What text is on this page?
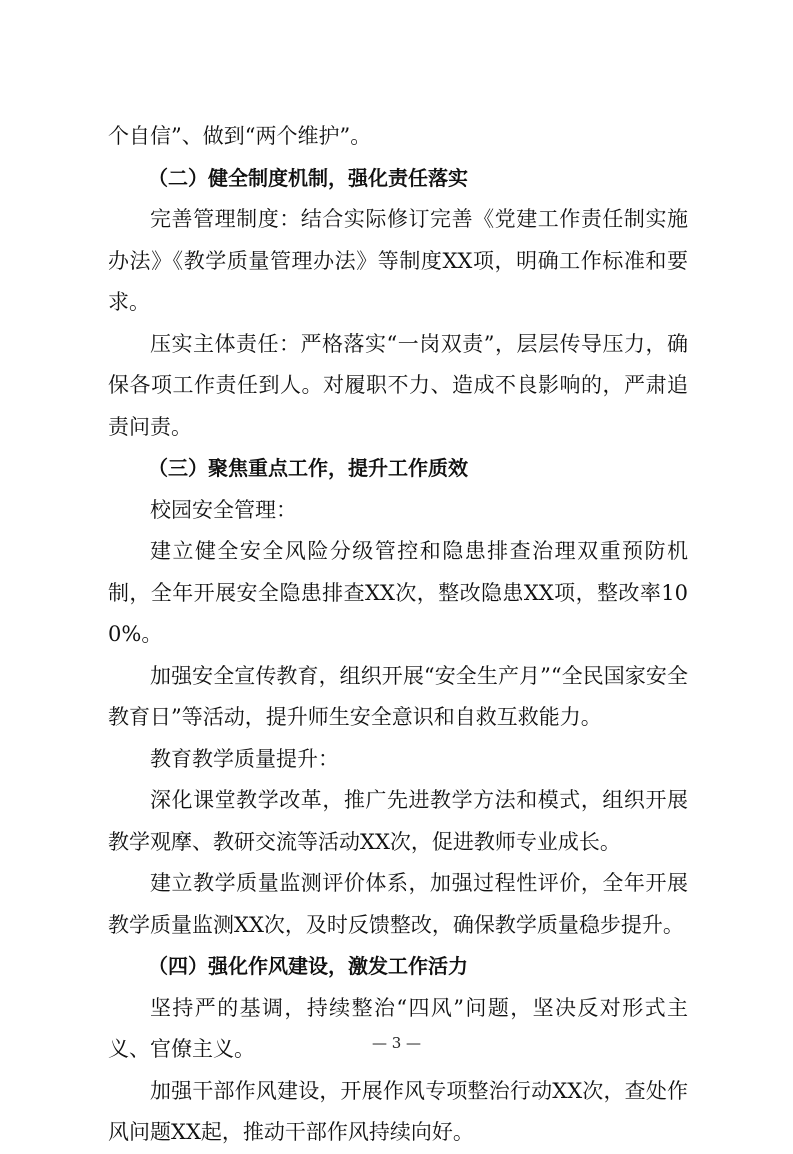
个自信”、做到“两个维护”。

（二）健全制度机制，强化责任落实

完善管理制度：结合实际修订完善《党建工作责任制实施办法》《教学质量管理办法》等制度XX项，明确工作标准和要求。

压实主体责任：严格落实“一岗双责”，层层传导压力，确保各项工作责任到人。对履职不力、造成不良影响的，严肃追责问责。

（三）聚焦重点工作，提升工作质效

校园安全管理：

建立健全安全风险分级管控和隐患排查治理双重预防机制，全年开展安全隐患排查XX次，整改隐患XX项，整改率100%。

加强安全宣传教育，组织开展“安全生产月”“全民国家安全教育日”等活动，提升师生安全意识和自救互救能力。

教育教学质量提升：

深化课堂教学改革，推广先进教学方法和模式，组织开展教学观摩、教研交流等活动XX次，促进教师专业成长。

建立教学质量监测评价体系，加强过程性评价，全年开展教学质量监测XX次，及时反馈整改，确保教学质量稳步提升。

（四）强化作风建设，激发工作活力

坚持严的基调，持续整治“四风”问题，坚决反对形式主义、官僚主义。

加强干部作风建设，开展作风专项整治行动XX次，查处作风问题XX起，推动干部作风持续向好。

— 3 —
